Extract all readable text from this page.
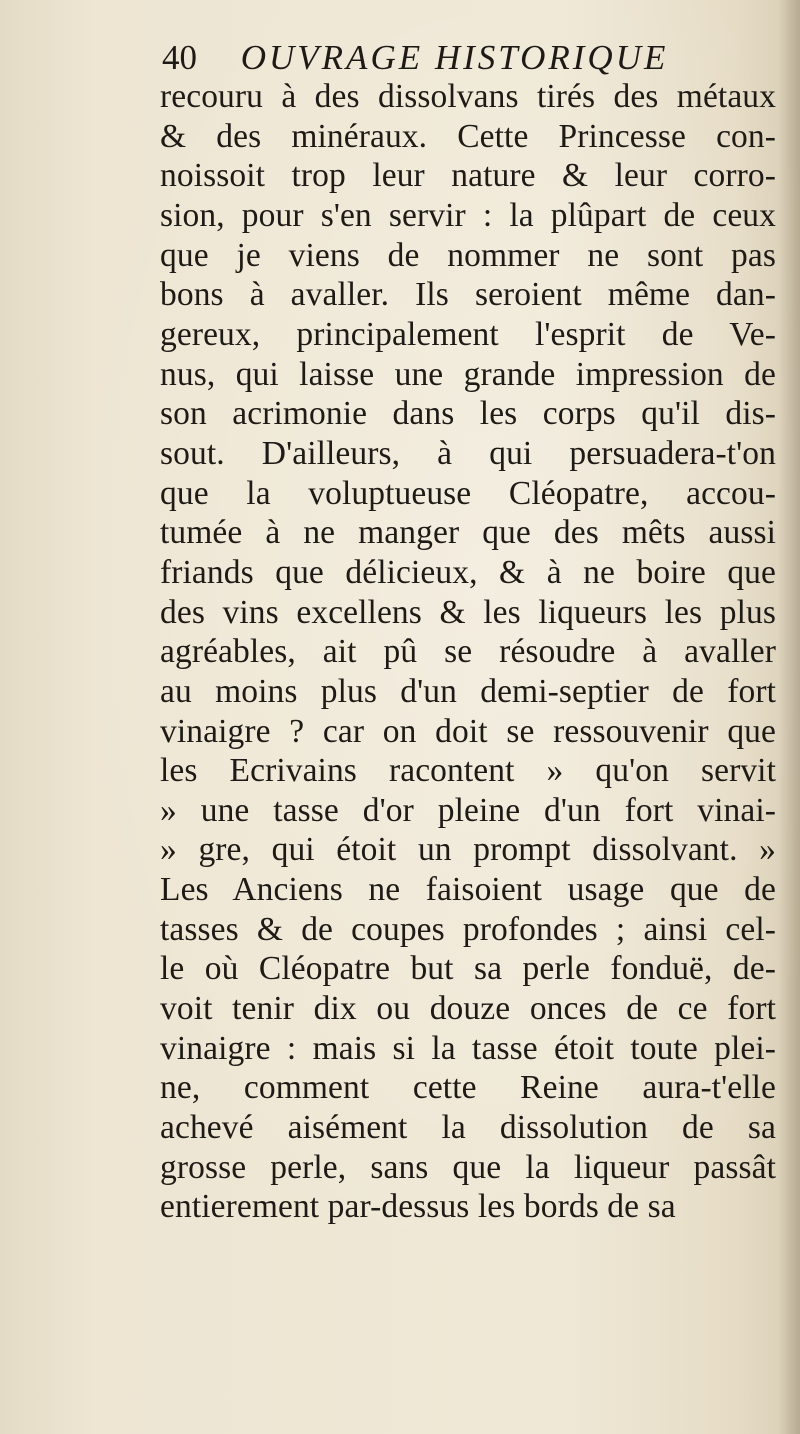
40 OUVRAGE HISTORIQUE
recouru à des dissolvans tirés des métaux
& des minéraux. Cette Princesse con-
noissoit trop leur nature & leur corro-
sion, pour s'en servir : la plûpart de ceux
que je viens de nommer ne sont pas
bons à avaller. Ils seroient même dan-
gereux, principalement l'esprit de Ve-
nus, qui laisse une grande impression de
son acrimonie dans les corps qu'il dis-
sout. D'ailleurs, à qui persuadera-t'on
que la voluptueuse Cléopatre, accou-
tumée à ne manger que des mêts aussi
friands que délicieux, & à ne boire que
des vins excellens & les liqueurs les plus
agréables, ait pû se résoudre à avaller
au moins plus d'un demi-septier de fort
vinaigre ? car on doit se ressouvenir que
les Ecrivains racontent » qu'on servit
» une tasse d'or pleine d'un fort vinai-
» gre, qui étoit un prompt dissolvant. »
Les Anciens ne faisoient usage que de
tasses & de coupes profondes ; ainsi cel-
le où Cléopatre but sa perle fonduë, de-
voit tenir dix ou douze onces de ce fort
vinaigre : mais si la tasse étoit toute plei-
ne, comment cette Reine aura-t'elle
achevé aisément la dissolution de sa
grosse perle, sans que la liqueur passât
entierement par-dessus les bords de sa
